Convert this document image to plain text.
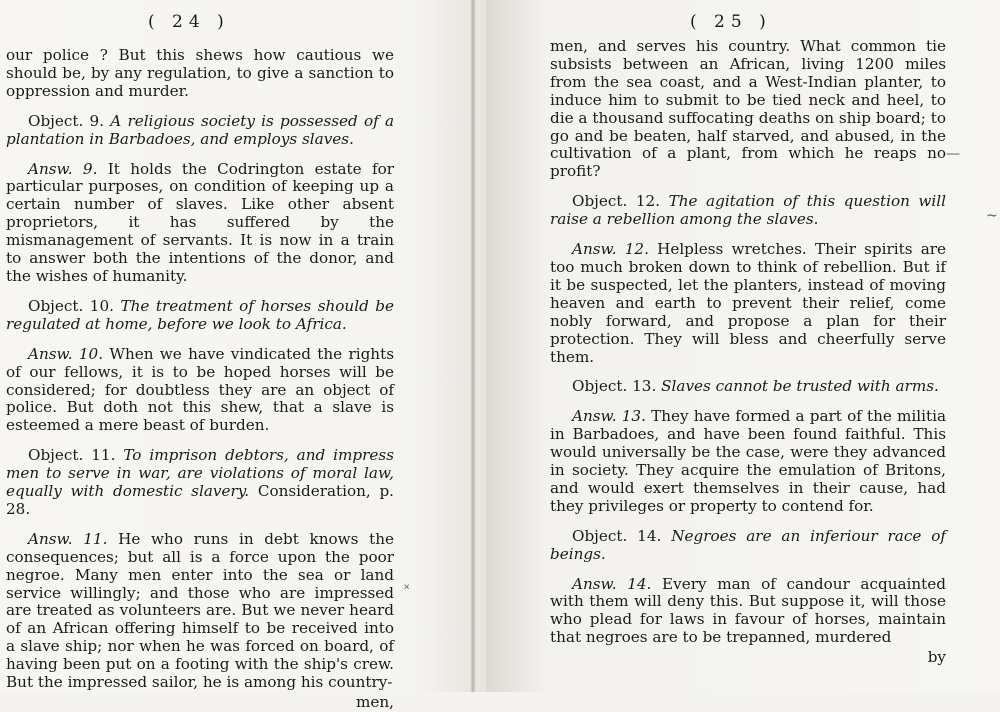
( 24 )

our police ? But this shews how cautious we should be, by any regulation, to give a sanction to oppression and murder.

Object. 9. A religious society is possessed of a plantation in Barbadoes, and employs slaves.

Answ. 9. It holds the Codrington estate for particular purposes, on condition of keeping up a certain number of slaves. Like other absent proprietors, it has suffered by the mismanagement of servants. It is now in a train to answer both the intentions of the donor, and the wishes of humanity.

Object. 10. The treatment of horses should be regulated at home, before we look to Africa.

Answ. 10. When we have vindicated the rights of our fellows, it is to be hoped horses will be considered; for doubtless they are an object of police. But doth not this shew, that a slave is esteemed a mere beast of burden.

Object. 11. To imprison debtors, and impress men to serve in war, are violations of moral law, equally with domestic slavery. Consideration, p. 28.

Answ. 11. He who runs in debt knows the consequences; but all is a force upon the poor negroe. Many men enter into the sea or land service willingly; and those who are impressed are treated as volunteers are. But we never heard of an African offering himself to be received into a slave ship; nor when he was forced on board, of having been put on a footing with the ship's crew. But the impressed sailor, he is among his country-

men,

˟
( 25 )

men, and serves his country. What common tie subsists between an African, living 1200 miles from the sea coast, and a West-Indian planter, to induce him to submit to be tied neck and heel, to die a thousand suffocating deaths on ship board; to go and be beaten, half starved, and abused, in the cultivation of a plant, from which he reaps no profit?

Object. 12. The agitation of this question will raise a rebellion among the slaves.

Answ. 12. Helpless wretches. Their spirits are too much broken down to think of rebellion. But if it be suspected, let the planters, instead of moving heaven and earth to prevent their relief, come nobly forward, and propose a plan for their protection. They will bless and cheerfully serve them.

Object. 13. Slaves cannot be trusted with arms.

Answ. 13. They have formed a part of the militia in Barbadoes, and have been found faithful. This would universally be the case, were they advanced in society. They acquire the emulation of Britons, and would exert themselves in their cause, had they privileges or property to contend for.

Object. 14. Negroes are an inferiour race of beings.

Answ. 14. Every man of candour acquainted with them will deny this. But suppose it, will those who plead for laws in favour of horses, maintain that negroes are to be trepanned, murdered

by

—
~
